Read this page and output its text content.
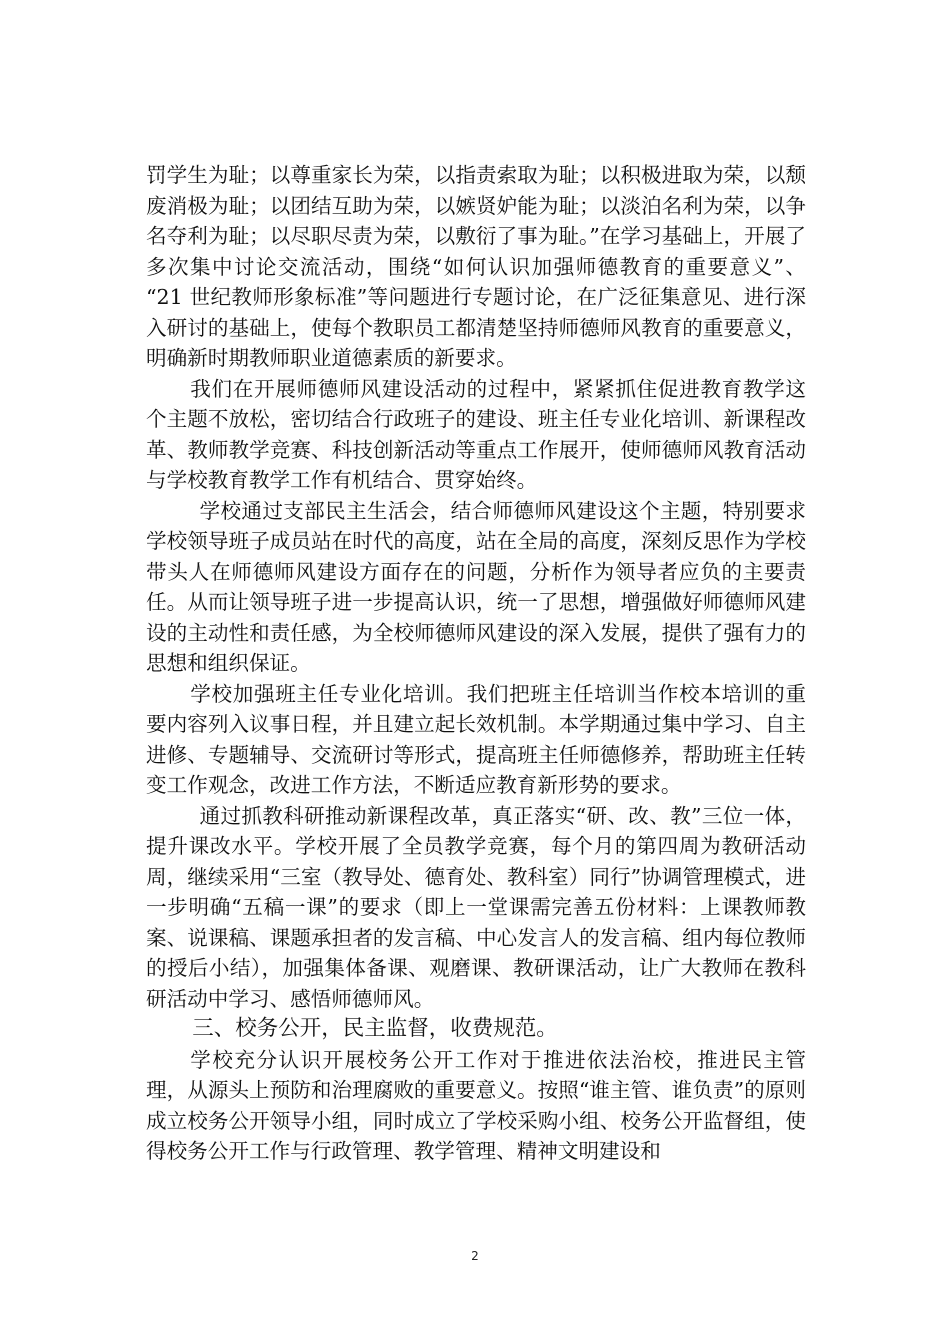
罚学生为耻；以尊重家长为荣，以指责索取为耻；以积极进取为荣，以颓废消极为耻；以团结互助为荣，以嫉贤妒能为耻；以淡泊名利为荣，以争名夺利为耻；以尽职尽责为荣，以敷衍了事为耻。”在学习基础上，开展了多次集中讨论交流活动，围绕“如何认识加强师德教育的重要意义”、 “21 世纪教师形象标准”等问题进行专题讨论，在广泛征集意见、进行深入研讨的基础上，使每个教职员工都清楚坚持师德师风教育的重要意义，明确新时期教师职业道德素质的新要求。

我们在开展师德师风建设活动的过程中，紧紧抓住促进教育教学这个主题不放松，密切结合行政班子的建设、班主任专业化培训、新课程改革、教师教学竞赛、科技创新活动等重点工作展开，使师德师风教育活动与学校教育教学工作有机结合、贯穿始终。

学校通过支部民主生活会，结合师德师风建设这个主题，特别要求学校领导班子成员站在时代的高度，站在全局的高度，深刻反思作为学校带头人在师德师风建设方面存在的问题，分析作为领导者应负的主要责任。从而让领导班子进一步提高认识，统一了思想，增强做好师德师风建设的主动性和责任感，为全校师德师风建设的深入发展，提供了强有力的思想和组织保证。

学校加强班主任专业化培训。我们把班主任培训当作校本培训的重要内容列入议事日程，并且建立起长效机制。本学期通过集中学习、自主进修、专题辅导、交流研讨等形式，提高班主任师德修养，帮助班主任转变工作观念，改进工作方法，不断适应教育新形势的要求。

通过抓教科研推动新课程改革，真正落实“研、改、教”三位一体，提升课改水平。学校开展了全员教学竞赛，每个月的第四周为教研活动周，继续采用“三室（教导处、德育处、教科室）同行”协调管理模式，进一步明确“五稿一课”的要求（即上一堂课需完善五份材料：上课教师教案、说课稿、课题承担者的发言稿、中心发言人的发言稿、组内每位教师的授后小结），加强集体备课、观磨课、教研课活动，让广大教师在教科研活动中学习、感悟师德师风。

三、校务公开，民主监督，收费规范。

学校充分认识开展校务公开工作对于推进依法治校，推进民主管理，从源头上预防和治理腐败的重要意义。按照“谁主管、谁负责”的原则成立校务公开领导小组，同时成立了学校采购小组、校务公开监督组，使得校务公开工作与行政管理、教学管理、精神文明建设和

2
